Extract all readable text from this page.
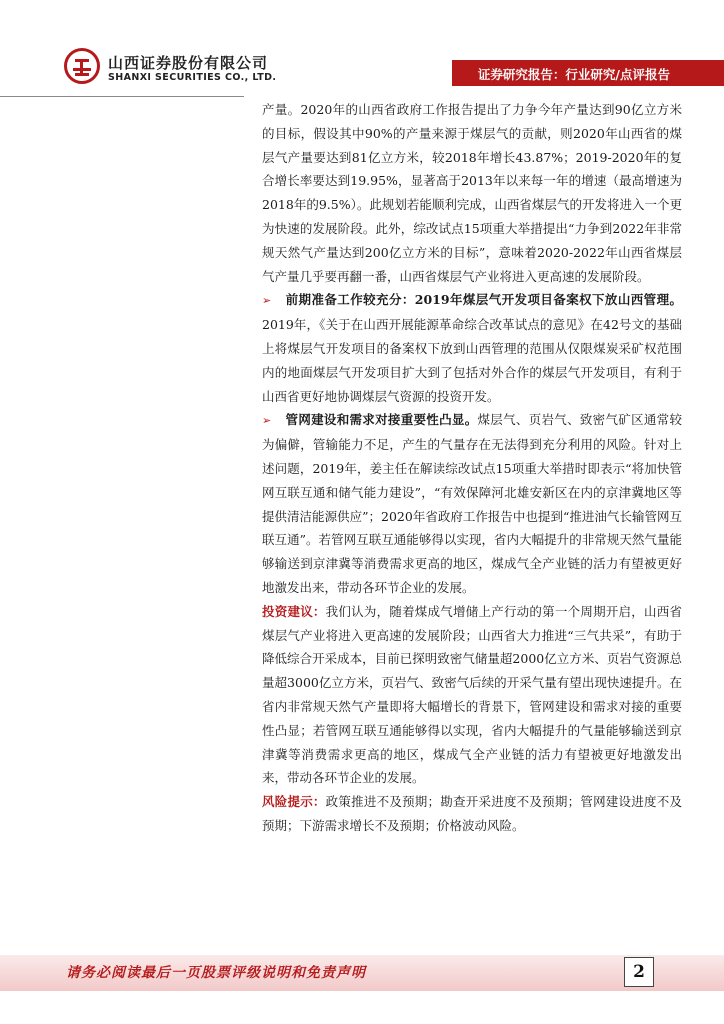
山西证券股份有限公司
SHANXI SECURITIES CO., LTD.	证券研究报告：行业研究/点评报告

产量。2020年的山西省政府工作报告提出了力争今年产量达到90亿立方米的目标，假设其中90%的产量来源于煤层气的贡献，则2020年山西省的煤层气产量要达到81亿立方米，较2018年增长43.87%；2019-2020年的复合增长率要达到19.95%，显著高于2013年以来每一年的增速（最高增速为2018年的9.5%）。此规划若能顺利完成，山西省煤层气的开发将进入一个更为快速的发展阶段。此外，综改试点15项重大举措提出“力争到2022年非常规天然气产量达到200亿立方米的目标”，意味着2020-2022年山西省煤层气产量几乎要再翻一番，山西省煤层气产业将进入更高速的发展阶段。

➢ 前期准备工作较充分：2019年煤层气开发项目备案权下放山西管理。2019年，《关于在山西开展能源革命综合改革试点的意见》在42号文的基础上将煤层气开发项目的备案权下放到山西管理的范围从仅限煤炭采矿权范围内的地面煤层气开发项目扩大到了包括对外合作的煤层气开发项目，有利于山西省更好地协调煤层气资源的投资开发。

➢ 管网建设和需求对接重要性凸显。煤层气、页岩气、致密气矿区通常较为偏僻，管输能力不足，产生的气量存在无法得到充分利用的风险。针对上述问题，2019年，姜主任在解读综改试点15项重大举措时即表示“将加快管网互联互通和储气能力建设”，“有效保障河北雄安新区在内的京津冀地区等提供清洁能源供应”；2020年省政府工作报告中也提到“推进油气长输管网互联互通”。若管网互联互通能够得以实现，省内大幅提升的非常规天然气量能够输送到京津冀等消费需求更高的地区，煤成气全产业链的活力有望被更好地激发出来，带动各环节企业的发展。

投资建议：我们认为，随着煤成气增储上产行动的第一个周期开启，山西省煤层气产业将进入更高速的发展阶段；山西省大力推进“三气共采”，有助于降低综合开采成本，目前已探明致密气储量超2000亿立方米、页岩气资源总量超3000亿立方米，页岩气、致密气后续的开采气量有望出现快速提升。在省内非常规天然气产量即将大幅增长的背景下，管网建设和需求对接的重要性凸显；若管网互联互通能够得以实现，省内大幅提升的气量能够输送到京津冀等消费需求更高的地区，煤成气全产业链的活力有望被更好地激发出来，带动各环节企业的发展。

风险提示：政策推进不及预期；勘查开采进度不及预期；管网建设进度不及预期；下游需求增长不及预期；价格波动风险。

请务必阅读最后一页股票评级说明和免责声明	2
